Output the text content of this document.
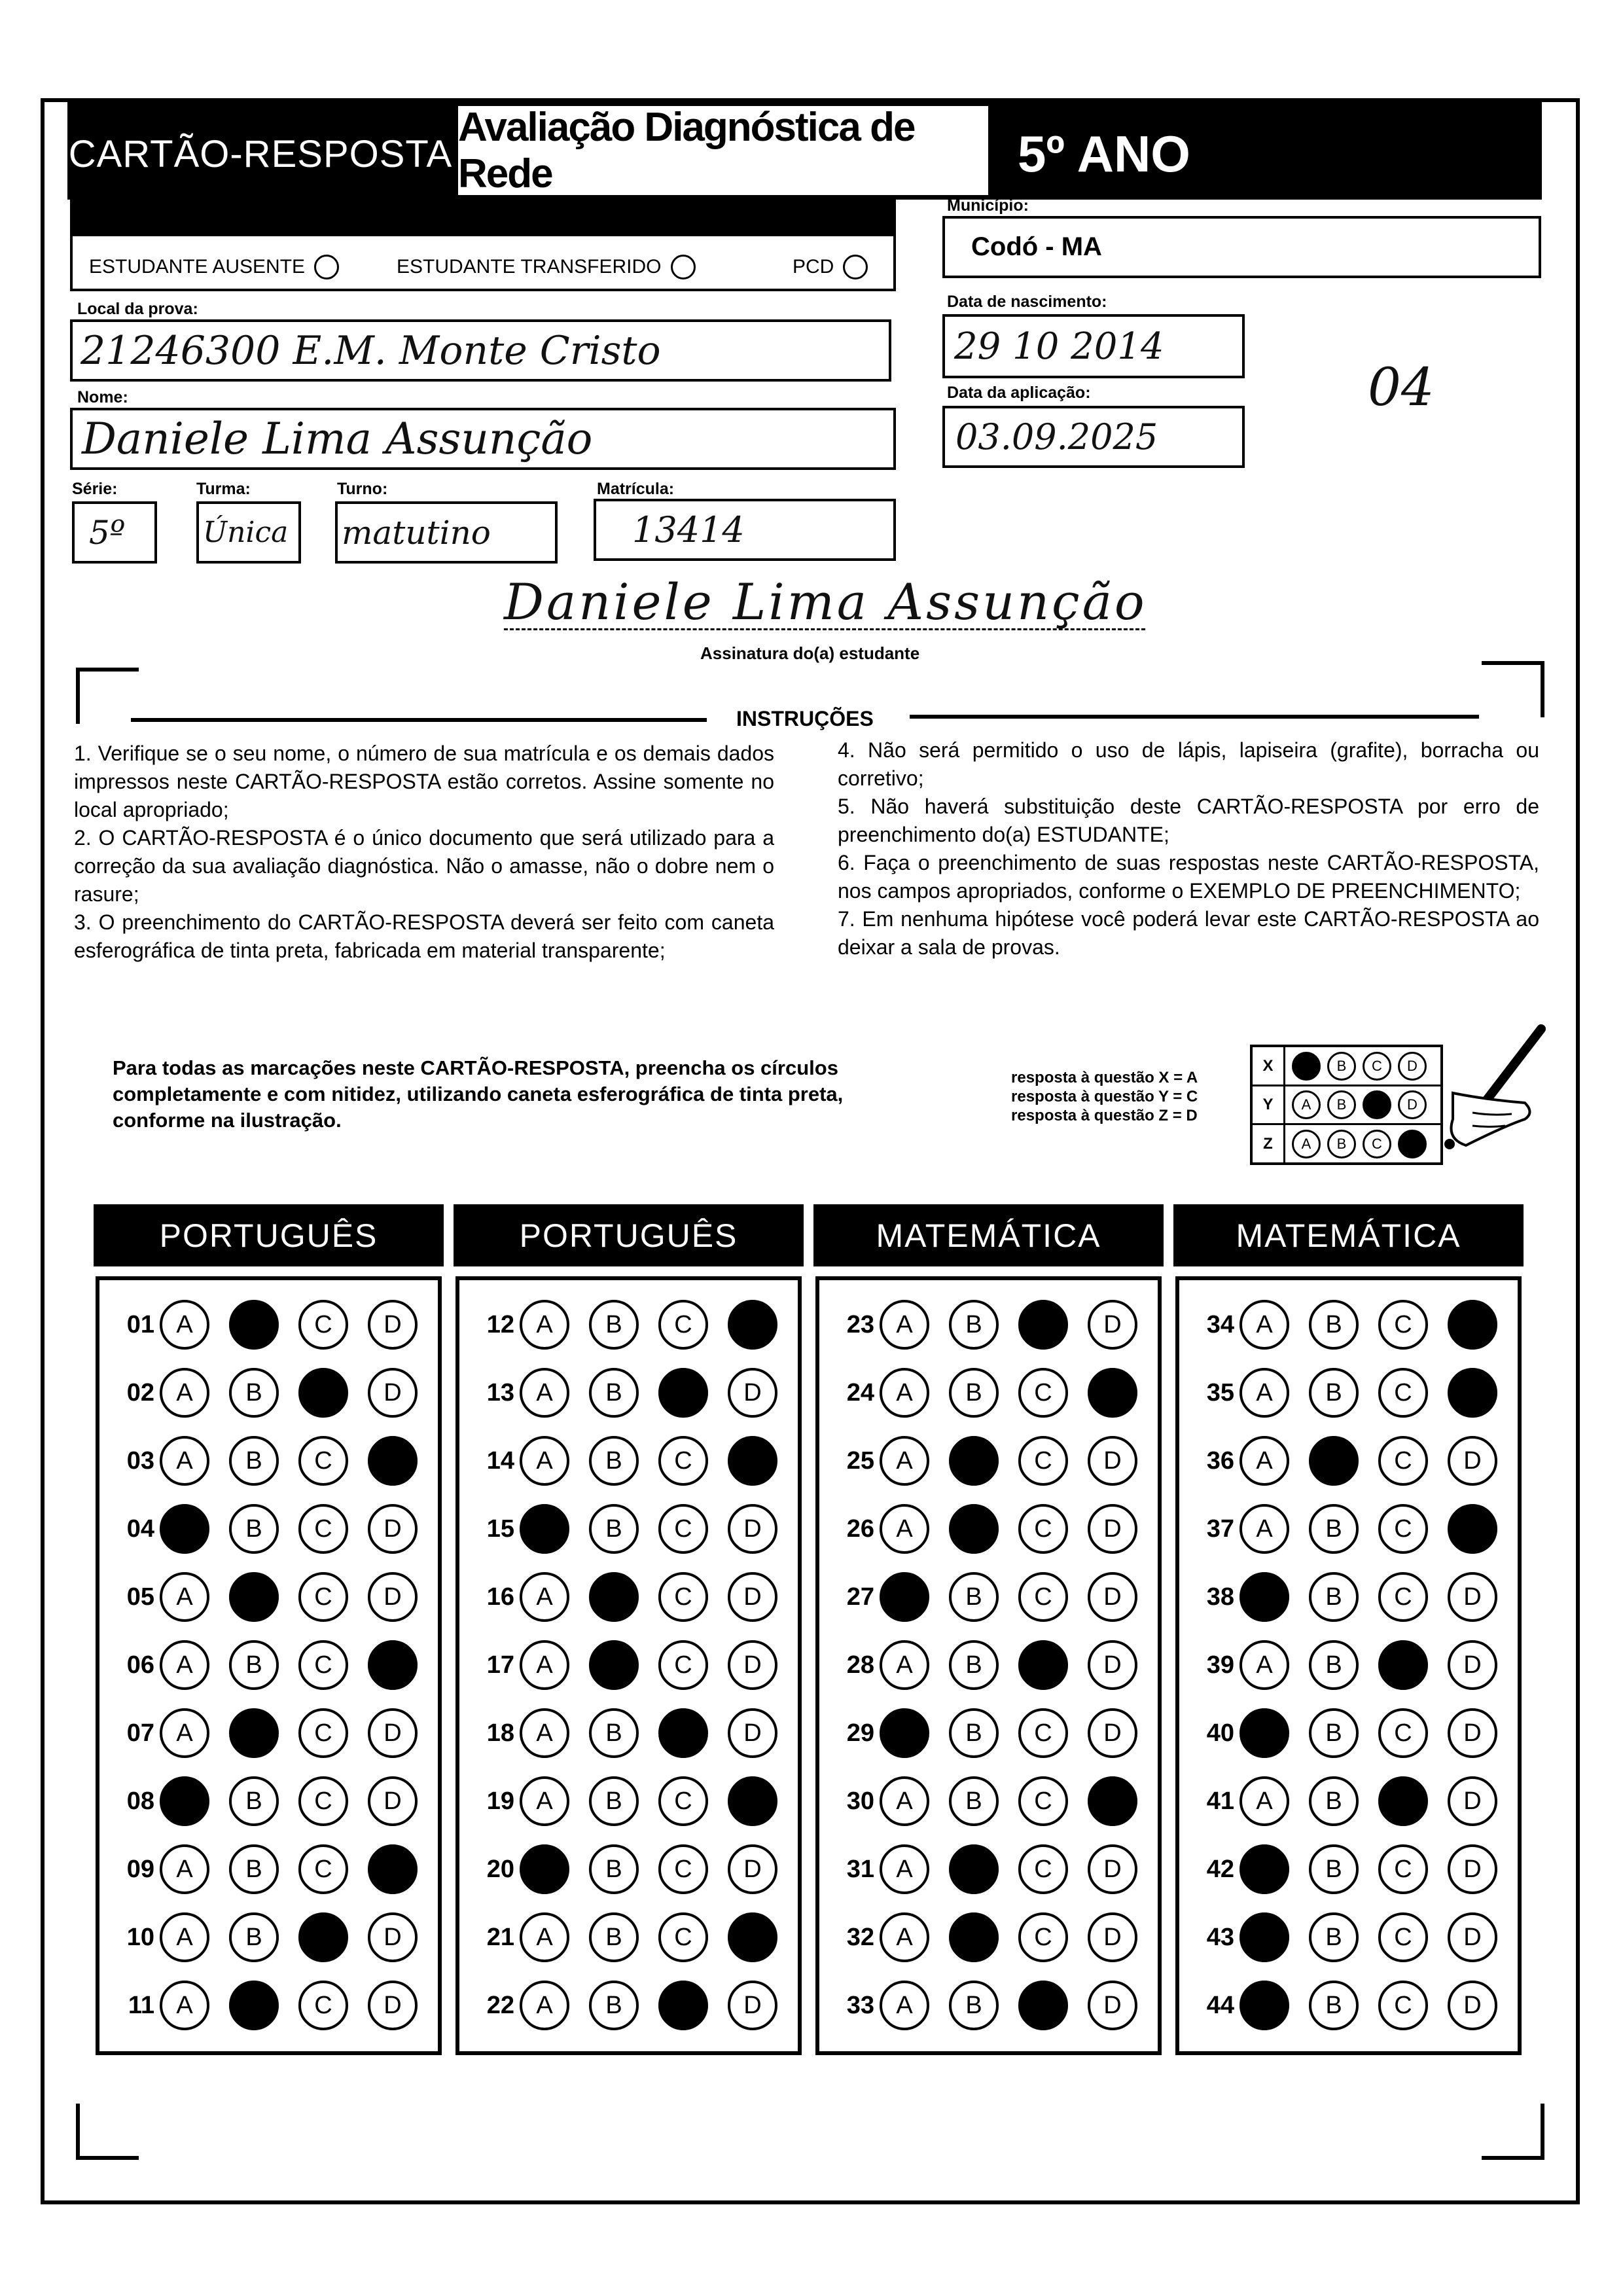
CARTÃO-RESPOSTA
Avaliação Diagnóstica de Rede	5º ANO
ESTUDANTE AUSENTE	ESTUDANTE TRANSFERIDO	PCD
Município:
Codó - MA
Local da prova:
21246300 E.M. Monte Cristo
Data de nascimento:
29 10 2014
04
Data da aplicação:
03.09.2025
Nome:
Daniele Lima Assunção
Série:
5º
Turma:
Única
Turno:
matutino
Matrícula:
13414
Daniele Lima Assunção
Assinatura do(a) estudante
INSTRUÇÕES

1. Verifique se o seu nome, o número de sua matrícula e os demais dados impressos neste CARTÃO-RESPOSTA estão corretos. Assine somente no local apropriado;

2. O CARTÃO-RESPOSTA é o único documento que será utilizado para a correção da sua avaliação diagnóstica. Não o amasse, não o dobre nem o rasure;

3. O preenchimento do CARTÃO-RESPOSTA deverá ser feito com caneta esferográfica de tinta preta, fabricada em material transparente;

4. Não será permitido o uso de lápis, lapiseira (grafite), borracha ou corretivo;

5. Não haverá substituição deste CARTÃO-RESPOSTA por erro de preenchimento do(a) ESTUDANTE;

6. Faça o preenchimento de suas respostas neste CARTÃO-RESPOSTA, nos campos apropriados, conforme o EXEMPLO DE PREENCHIMENTO;

7. Em nenhuma hipótese você poderá levar este CARTÃO-RESPOSTA ao deixar a sala de provas.

Para todas as marcações neste CARTÃO-RESPOSTA, preencha os círculos completamente e com nitidez, utilizando caneta esferográfica de tinta preta, conforme na ilustração.
resposta à questão X = A
resposta à questão Y = C
resposta à questão Z = D
X	B	C	D
Y	A	B	D
Z	A	B	C
PORTUGUÊS
01 A	C	D
02 A	B	D
03 A	B	C
04	B	C	D
05 A	C	D
06 A	B	C
07 A	C	D
08	B	C	D
09 A	B	C
10 A	B	D
11 A	C	D
PORTUGUÊS
12 A	B	C
13 A	B	D
14 A	B	C
15	B	C	D
16 A	C	D
17 A	C	D
18 A	B	D
19 A	B	C
20	B	C	D
21 A	B	C
22 A	B	D
MATEMÁTICA
23 A	B	D
24 A	B	C
25 A	C	D
26 A	C	D
27	B	C	D
28 A	B	D
29	B	C	D
30 A	B	C
31 A	C	D
32 A	C	D
33 A	B	D
MATEMÁTICA
34 A	B	C
35 A	B	C
36 A	C	D
37 A	B	C
38	B	C	D
39 A	B	D
40	B	C	D
41 A	B	D
42	B	C	D
43	B	C	D
44	B	C	D
